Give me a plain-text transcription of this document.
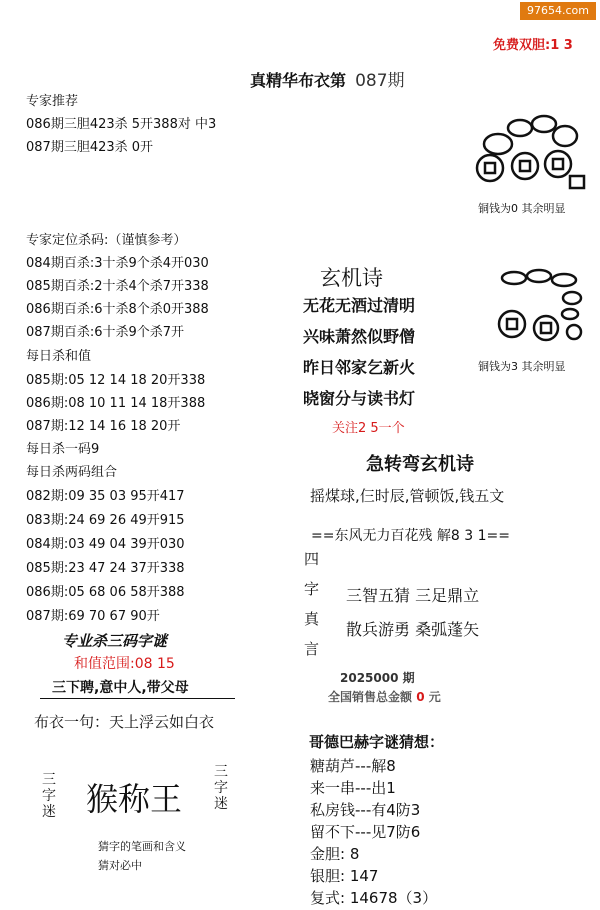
97654.com
免费双胆:1 3
真精华布衣第 087期
专家推荐
086期三胆423杀 5开388对 中3
087期三胆423杀 0开
铜钱为0 其余明显
专家定位杀码:（谨慎参考）
084期百杀:3十杀9个杀4开030
085期百杀:2十杀4个杀7开338
086期百杀:6十杀8个杀0开388
087期百杀:6十杀9个杀7开
每日杀和值
085期:05 12 14 18 20开338
086期:08 10 11 14 18开388
087期:12 14 16 18 20开
每日杀一码9
每日杀两码组合
082期:09 35 03 95开417
083期:24 69 26 49开915
084期:03 49 04 39开030
085期:23 47 24 37开338
086期:05 68 06 58开388
087期:69 70 67 90开
专业杀三码字谜
和值范围:08 15
三下聘,意中人,带父母
布衣一句：天上浮云如白衣
三字迷 猴称王
三字迷
猜字的笔画和含义
猜对必中
玄机诗
无花无酒过清明
兴味萧然似野僧
昨日邻家乞新火
晓窗分与读书灯
关注2 5一个
铜钱为3 其余明显
急转弯玄机诗
摇煤球,仨时辰,管顿饭,钱五文
==东风无力百花残 解8 3 1==
四字真言
三智五猜 三足鼎立
散兵游勇 桑弧蓬矢
2025000 期
全国销售总金额 0 元
哥德巴赫字谜猜想：
糖葫芦---解8
来一串---出1
私房钱---有4防3
留不下---见7防6
金胆: 8
银胆: 147
复式: 14678（3）
